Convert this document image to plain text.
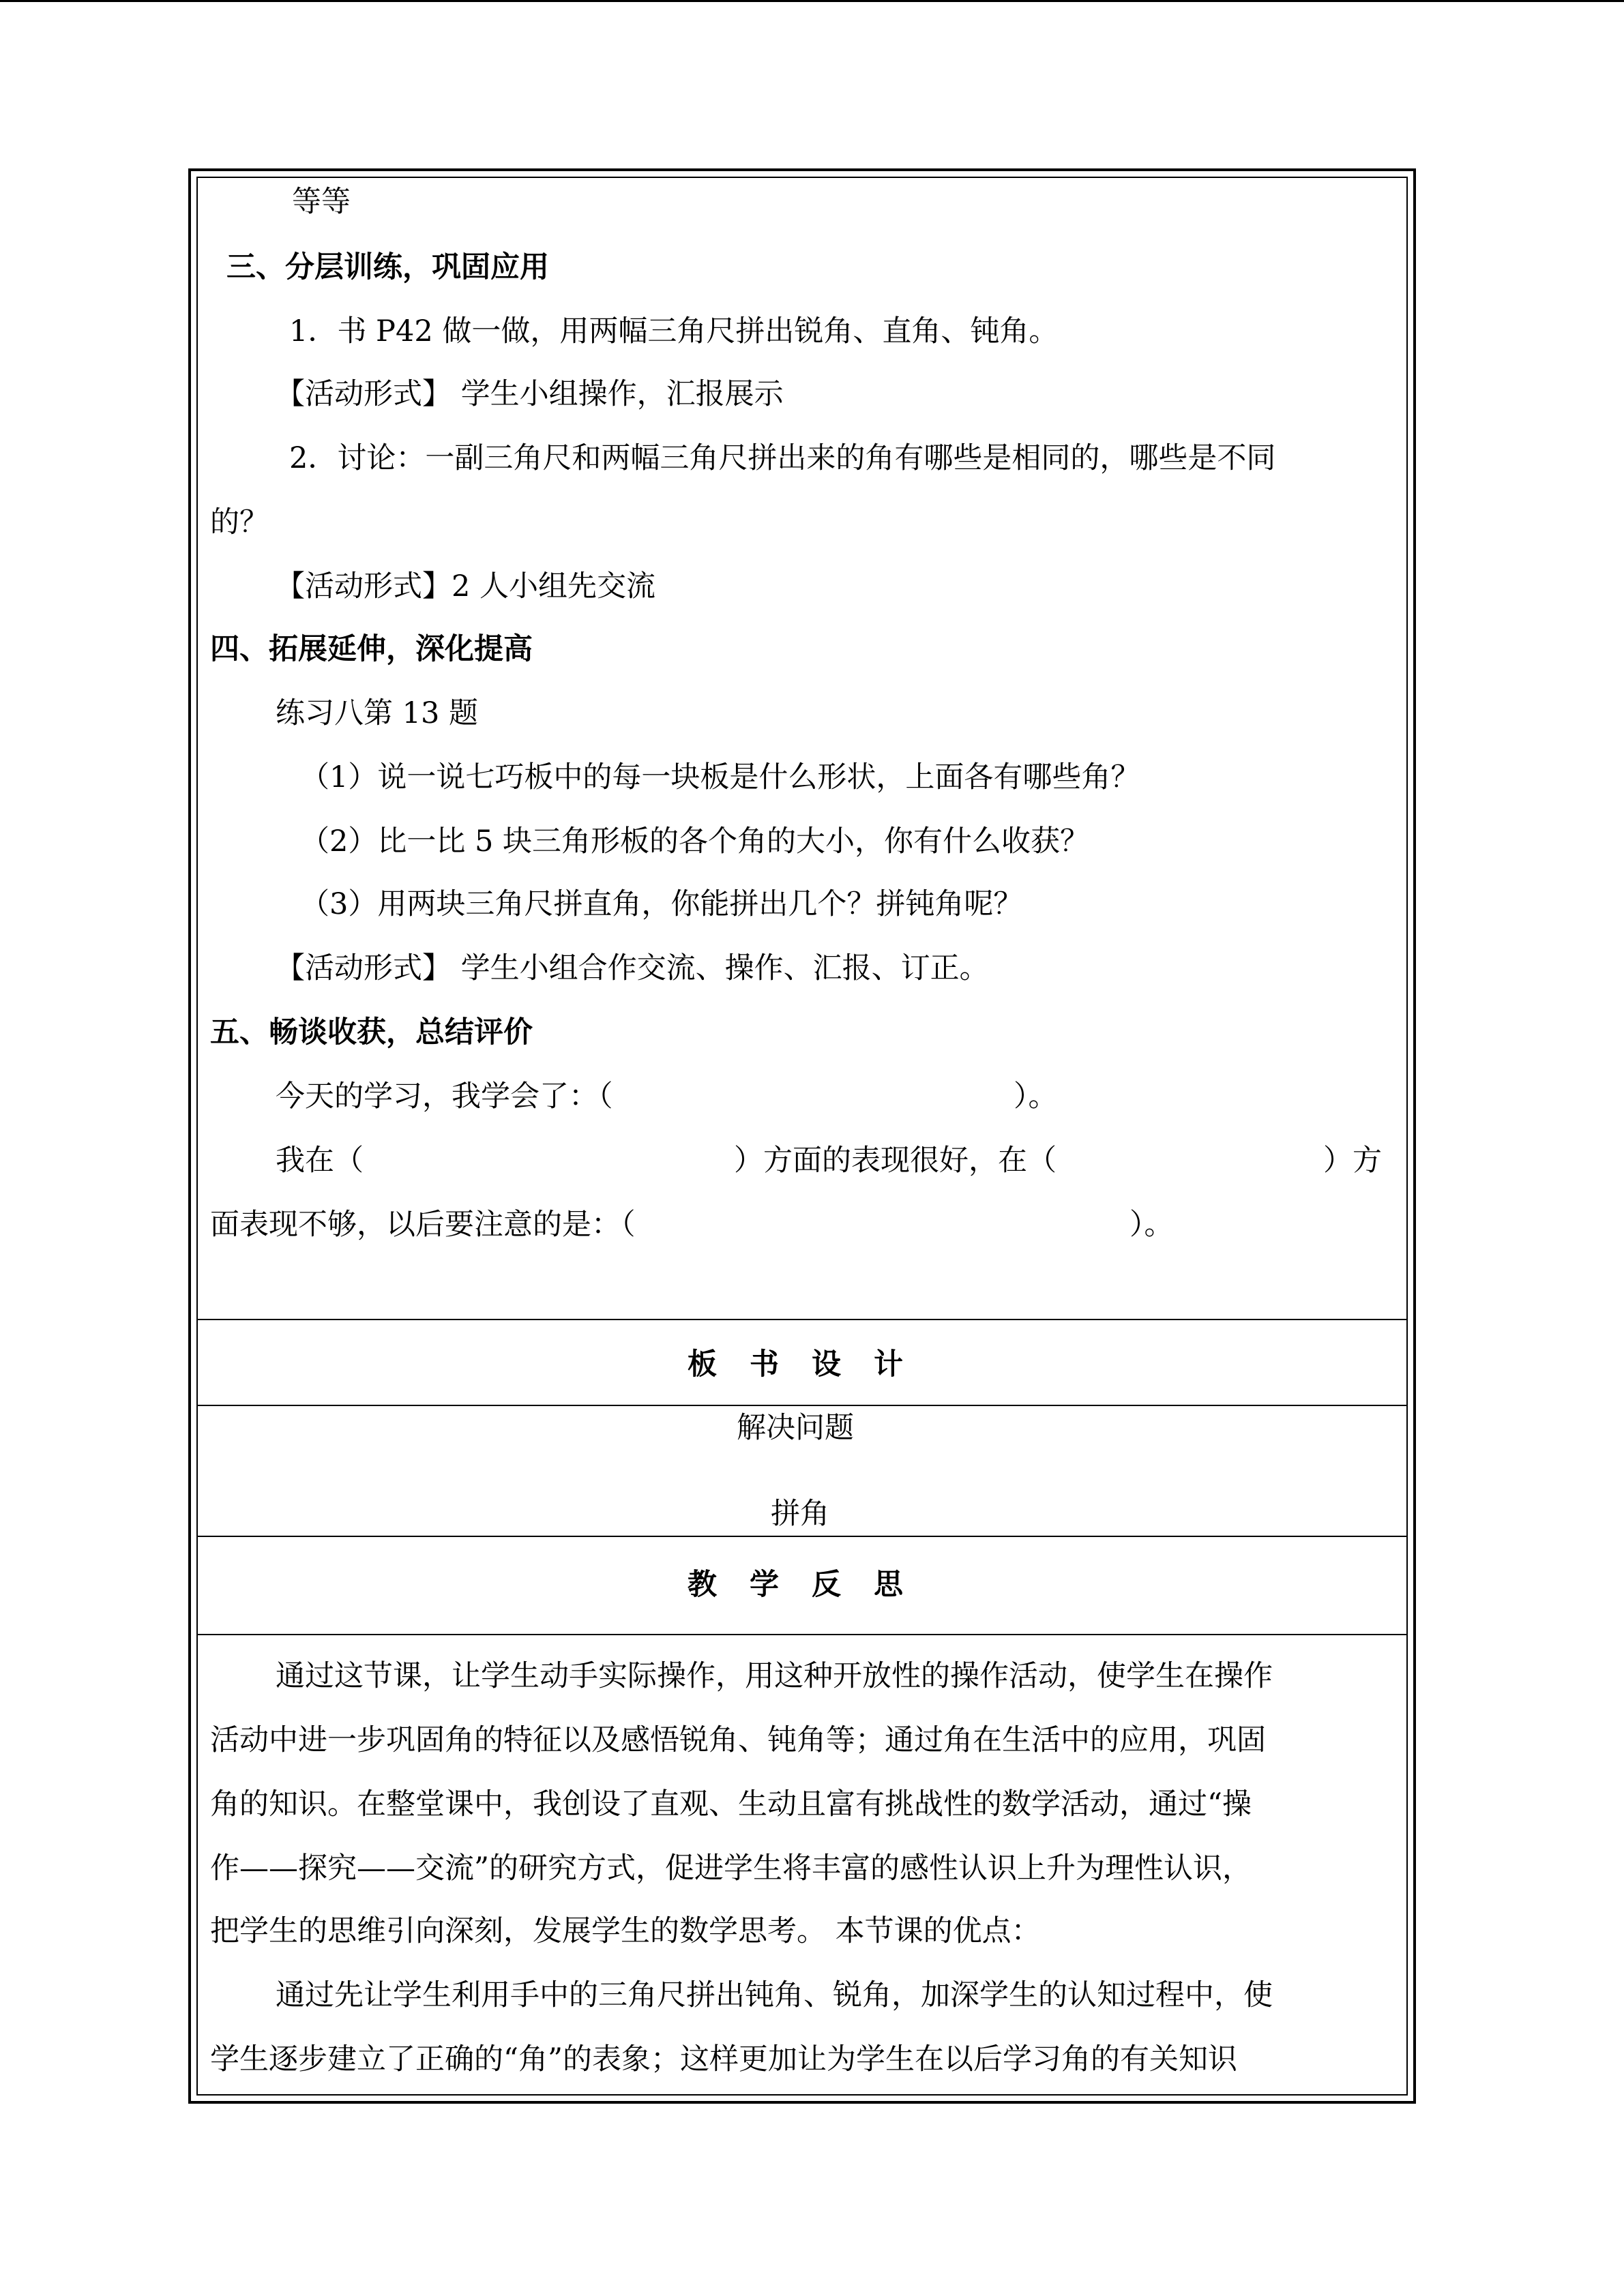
等等
三、分层训练，巩固应用
1．书 P42 做一做，用两幅三角尺拼出锐角、直角、钝角。
【活动形式】 学生小组操作，汇报展示
2．讨论：一副三角尺和两幅三角尺拼出来的角有哪些是相同的，哪些是不同
的？
【活动形式】2 人小组先交流
四、拓展延伸，深化提高
练习八第 13 题
（1）说一说七巧板中的每一块板是什么形状，上面各有哪些角？
（2）比一比 5 块三角形板的各个角的大小，你有什么收获？
（3）用两块三角尺拼直角，你能拼出几个？拼钝角呢？
【活动形式】 学生小组合作交流、操作、汇报、订正。
五、畅谈收获，总结评价
今天的学习，我学会了：（	）。
我在（	）方面的表现很好，在（	）方
面表现不够，以后要注意的是：（	）。
板书设计
解决问题
拼角
教学反思
通过这节课，让学生动手实际操作，用这种开放性的操作活动，使学生在操作
活动中进一步巩固角的特征以及感悟锐角、钝角等；通过角在生活中的应用，巩固
角的知识。在整堂课中，我创设了直观、生动且富有挑战性的数学活动，通过“操
作——探究——交流”的研究方式，促进学生将丰富的感性认识上升为理性认识，
把学生的思维引向深刻，发展学生的数学思考。 本节课的优点：
通过先让学生利用手中的三角尺拼出钝角、锐角，加深学生的认知过程中，使
学生逐步建立了正确的“角”的表象；这样更加让为学生在以后学习角的有关知识
